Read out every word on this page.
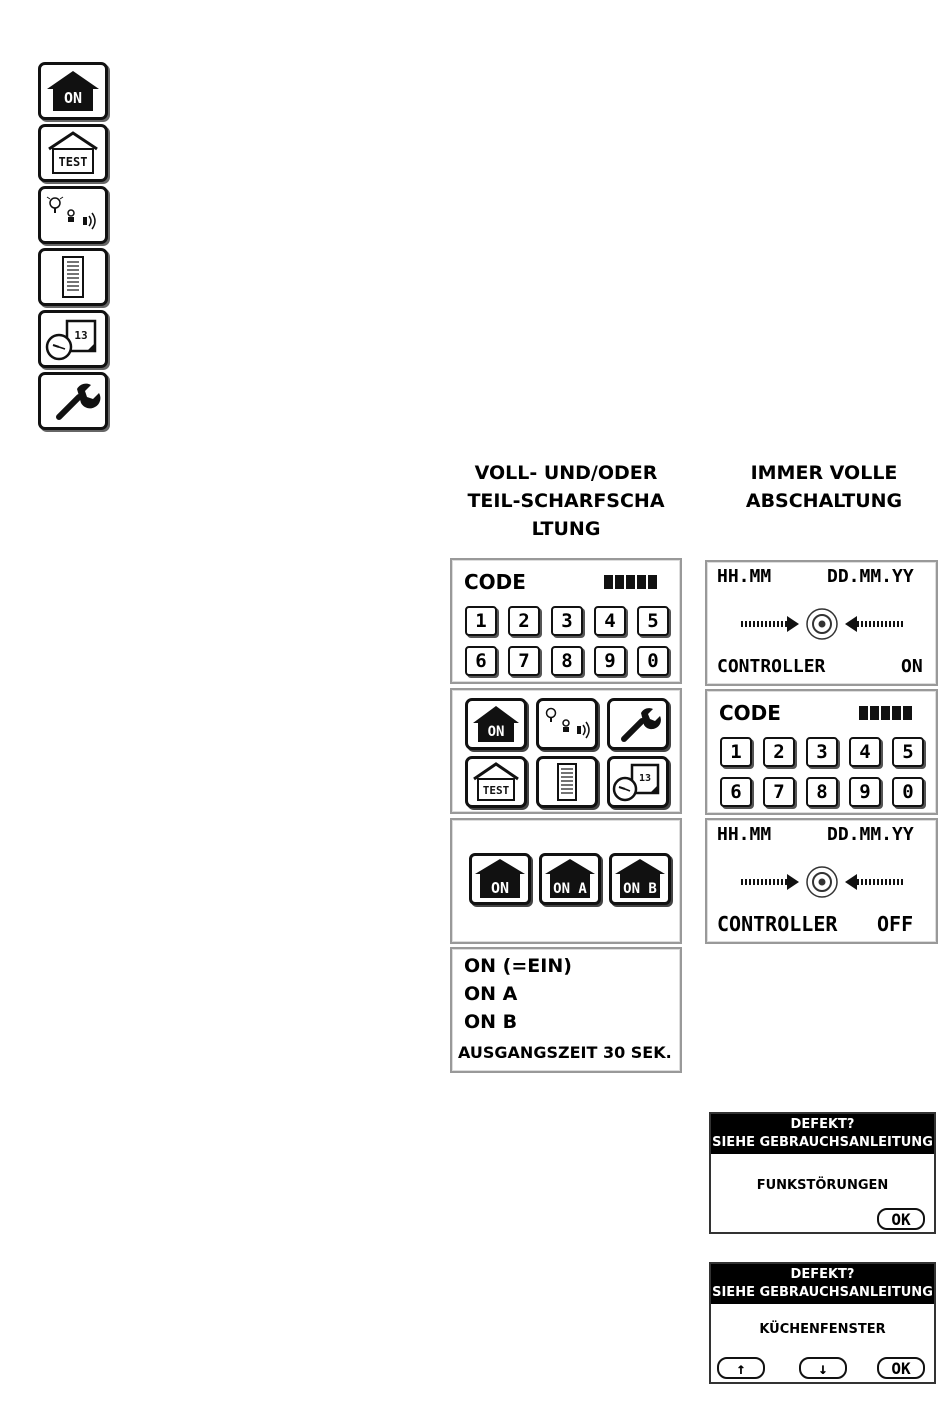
ON
TEST
13
VOLL- UND/ODER
TEIL-SCHARFSCHA
LTUNG
IMMER VOLLE
ABSCHALTUNG
CODE
1	2	3	4	5
6	7	8	9	0
ON
TEST
13
ON	ON A	ON B
ON (=EIN)
ON A
ON B
AUSGANGSZEIT 30 SEK.
HH.MM	DD.MM.YY
CONTROLLER	ON
CODE
1	2	3	4	5
6	7	8	9	0
HH.MM	DD.MM.YY
CONTROLLER OFF
DEFEKT?
SIEHE GEBRAUCHSANLEITUNG
FUNKSTÖRUNGEN
OK
DEFEKT?
SIEHE GEBRAUCHSANLEITUNG
KÜCHENFENSTER
↑	↓	OK
